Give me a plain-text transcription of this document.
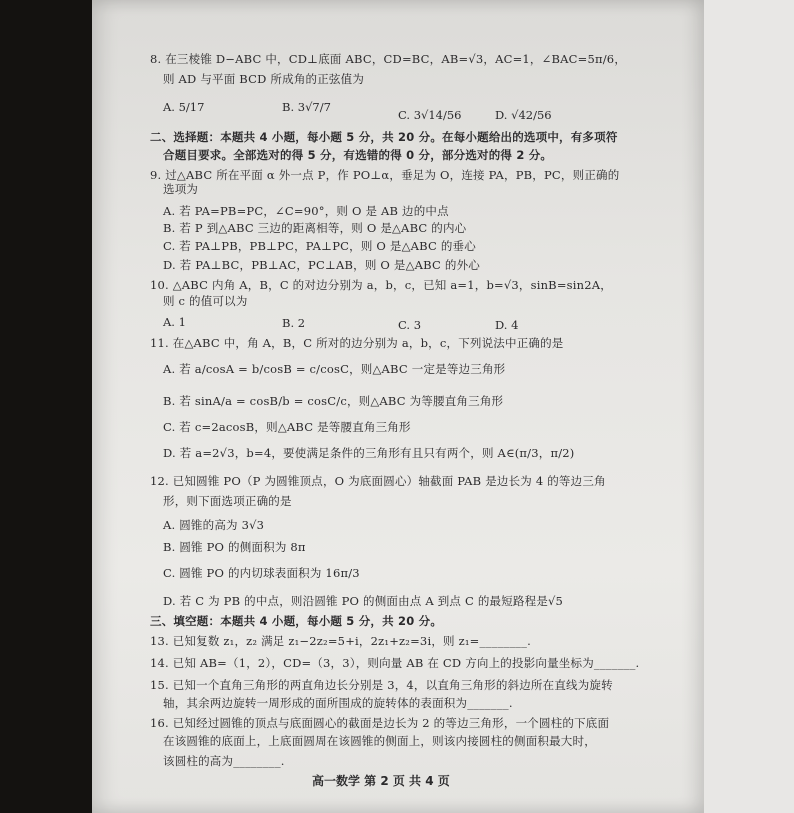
8. 在三棱锥 D−ABC 中，CD⊥底面 ABC，CD=BC，AB=√3，AC=1，∠BAC=5π/6，
则 AD 与平面 BCD 所成角的正弦值为
A. 5/17	B. 3√7/7
C. 3√14/56	D. √42/56
二、选择题：本题共 4 小题，每小题 5 分，共 20 分。在每小题给出的选项中，有多项符
合题目要求。全部选对的得 5 分，有选错的得 0 分，部分选对的得 2 分。
9. 过△ABC 所在平面 α 外一点 P，作 PO⊥α，垂足为 O，连接 PA，PB，PC，则正确的
选项为
A. 若 PA=PB=PC，∠C=90°，则 O 是 AB 边的中点
B. 若 P 到△ABC 三边的距离相等，则 O 是△ABC 的内心
C. 若 PA⊥PB，PB⊥PC，PA⊥PC，则 O 是△ABC 的垂心
D. 若 PA⊥BC，PB⊥AC，PC⊥AB，则 O 是△ABC 的外心
10. △ABC 内角 A，B，C 的对边分别为 a，b，c，已知 a=1，b=√3，sinB=sin2A，
则 c 的值可以为
A. 1	B. 2	C. 3	D. 4
11. 在△ABC 中，角 A，B，C 所对的边分别为 a，b，c，下列说法中正确的是
A. 若 a/cosA = b/cosB = c/cosC，则△ABC 一定是等边三角形
B. 若 sinA/a = cosB/b = cosC/c，则△ABC 为等腰直角三角形
C. 若 c=2acosB，则△ABC 是等腰直角三角形
D. 若 a=2√3，b=4，要使满足条件的三角形有且只有两个，则 A∈(π/3，π/2)
12. 已知圆锥 PO（P 为圆锥顶点，O 为底面圆心）轴截面 PAB 是边长为 4 的等边三角
形，则下面选项正确的是
A. 圆锥的高为 3√3
B. 圆锥 PO 的侧面积为 8π
C. 圆锥 PO 的内切球表面积为 16π/3
D. 若 C 为 PB 的中点，则沿圆锥 PO 的侧面由点 A 到点 C 的最短路程是√5
三、填空题：本题共 4 小题，每小题 5 分，共 20 分。
13. 已知复数 z₁，z₂ 满足 z₁−2z₂=5+i，2z₁+z₂=3i，则 z₁=________.
14. 已知 AB=（1，2），CD=（3，3），则向量 AB 在 CD 方向上的投影向量坐标为_______.
15. 已知一个直角三角形的两直角边长分别是 3，4，以直角三角形的斜边所在直线为旋转
轴，其余两边旋转一周形成的面所围成的旋转体的表面积为_______.
16. 已知经过圆锥的顶点与底面圆心的截面是边长为 2 的等边三角形，一个圆柱的下底面
在该圆锥的底面上，上底面圆周在该圆锥的侧面上，则该内接圆柱的侧面积最大时，
该圆柱的高为________.
高一数学 第 2 页 共 4 页
